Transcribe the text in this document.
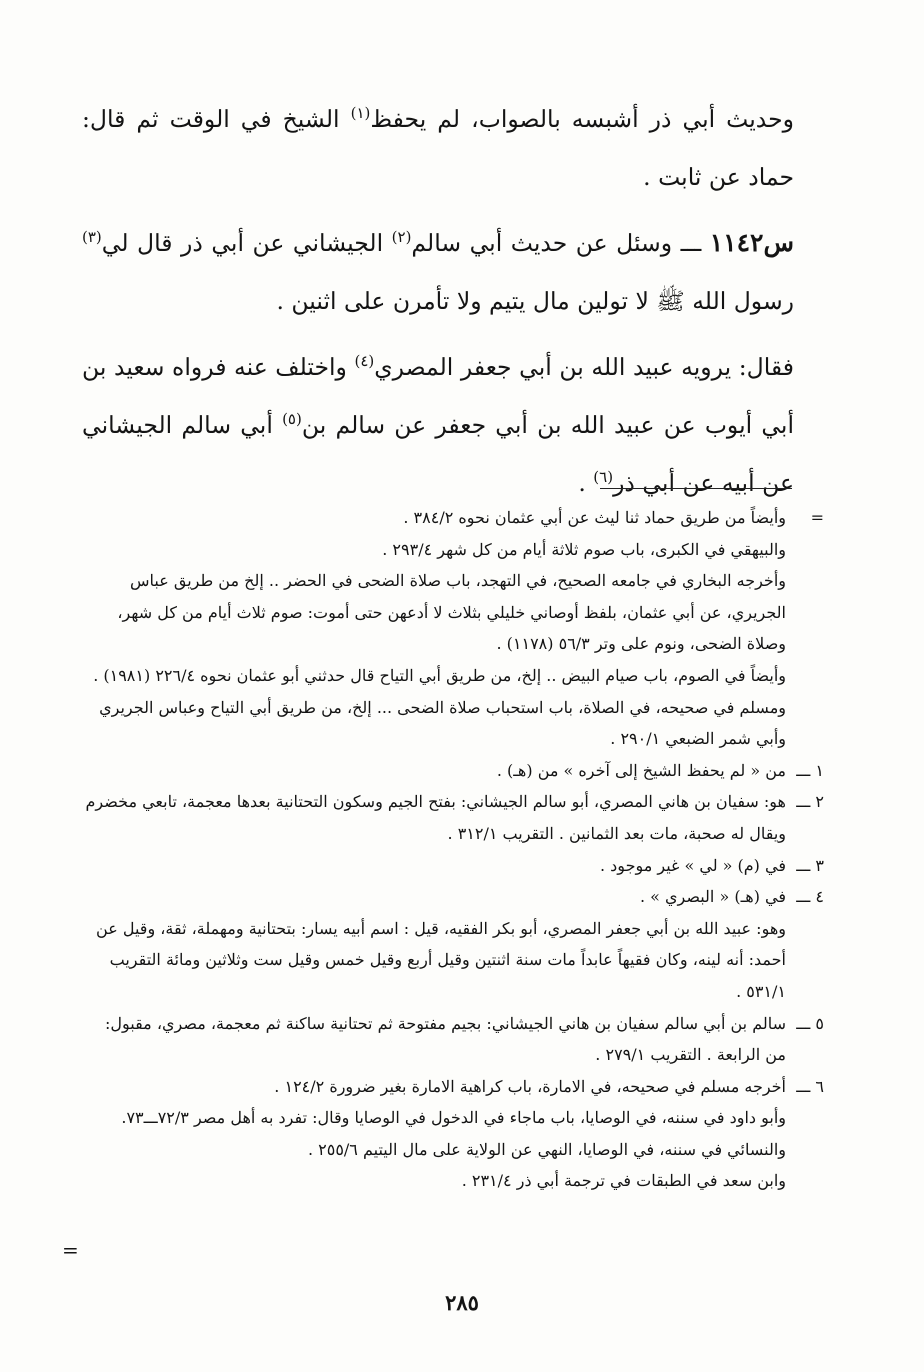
وحديث أبي ذر أشبسه بالصواب، لم يحفظ$^{(١)}$ الشيخ في الوقت ثم قال: حماد عن ثابت .

س١١٤٢ ـــ وسئل عن حديث أبي سالم$^{(٢)}$ الجيشاني عن أبي ذر قال لي$^{(٣)}$ رسول الله ﷺ لا تولين مال يتيم ولا تأمرن على اثنين .

فقال: يرويه عبيد الله بن أبي جعفر المصري$^{(٤)}$ واختلف عنه فرواه سعيد بن أبي أيوب عن عبيد الله بن أبي جعفر عن سالم بن$^{(٥)}$ أبي سالم الجيشاني عن أبيه عن أبي ذر$^{(٦)}$ .

=
وأيضاً من طريق حماد ثنا ليث عن أبي عثمان نحوه ٣٨٤/٢ .
والبيهقي في الكبرى، باب صوم ثلاثة أيام من كل شهر ٢٩٣/٤ .
وأخرجه البخاري في جامعه الصحيح، في التهجد، باب صلاة الضحى في الحضر .. إلخ من طريق عباس الجريري، عن أبي عثمان، بلفظ أوصاني خليلي بثلاث لا أدعهن حتى أموت: صوم ثلاث أيام من كل شهر، وصلاة الضحى، ونوم على وتر ٥٦/٣ (١١٧٨) .
وأيضاً في الصوم، باب صيام البيض .. إلخ، من طريق أبي التياح قال حدثني أبو عثمان نحوه ٢٢٦/٤ (١٩٨١) .
ومسلم في صحيحه، في الصلاة، باب استحباب صلاة الضحى ... إلخ، من طريق أبي التياح وعباس الجريري وأبي شمر الضبعي ٢٩٠/١ .
١ ـــ
من « لم يحفظ الشيخ إلى آخره » من (هـ) .
٢ ـــ
هو: سفيان بن هاني المصري، أبو سالم الجيشاني: بفتح الجيم وسكون التحتانية بعدها معجمة، تابعي مخضرم ويقال له صحبة، مات بعد الثمانين . التقريب ٣١٢/١ .
٣ ـــ
في (م) « لي » غير موجود .
٤ ـــ
في (هـ) « البصري » .
وهو: عبيد الله بن أبي جعفر المصري، أبو بكر الفقيه، قيل : اسم أبيه يسار: بتحتانية ومهملة، ثقة، وقيل عن أحمد: أنه لينه، وكان فقيهاً عابداً مات سنة اثنتين وقيل أربع وقيل خمس وقيل ست وثلاثين ومائة التقريب ٥٣١/١ .
٥ ـــ
سالم بن أبي سالم سفيان بن هاني الجيشاني: بجيم مفتوحة ثم تحتانية ساكنة ثم معجمة، مصري، مقبول: من الرابعة . التقريب ٢٧٩/١ .
٦ ـــ
أخرجه مسلم في صحيحه، في الامارة، باب كراهية الامارة بغير ضرورة ١٢٤/٢ .
وأبو داود في سننه، في الوصايا، باب ماجاء في الدخول في الوصايا وقال: تفرد به أهل مصر ٧٢/٣ـــ٧٣.
والنسائي في سننه، في الوصايا، النهي عن الولاية على مال اليتيم ٢٥٥/٦ .
وابن سعد في الطبقات في ترجمة أبي ذر ٢٣١/٤ .
=
٢٨٥
